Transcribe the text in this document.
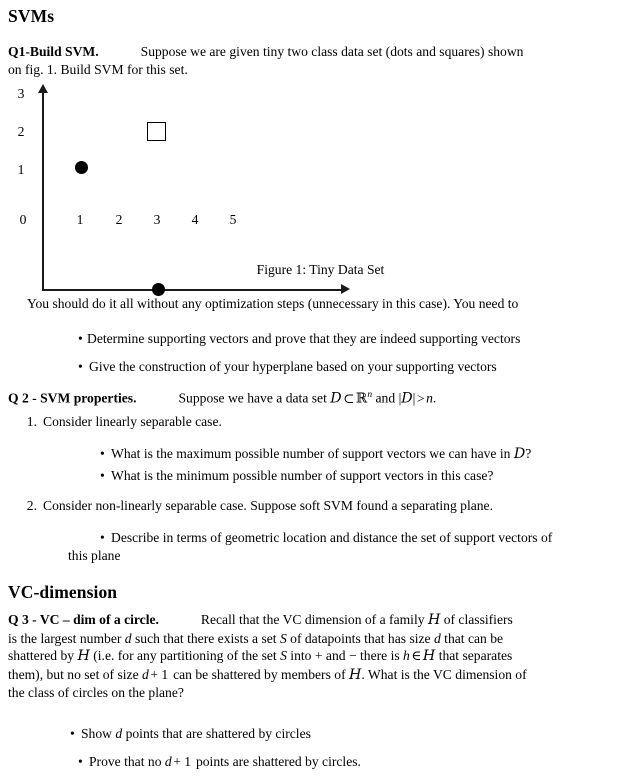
SVMs
Q1-Build SVM.	Suppose we are given tiny two class data set (dots and squares) shown
on fig. 1. Build SVM for this set.
3
2
1
0	1	2	3	4	5
Figure 1: Tiny Data Set
You should do it all without any optimization steps (unnecessary in this case). You need to
• Determine supporting vectors and prove that they are indeed supporting vectors
• Give the construction of your hyperplane based on your supporting vectors
Q 2 - SVM properties.	Suppose we have a data set D ⊂ ℝ$^n$ and |D| > n.
1. Consider linearly separable case.
• What is the maximum possible number of support vectors we can have in D?
• What is the minimum possible number of support vectors in this case?
2. Consider non-linearly separable case. Suppose soft SVM found a separating plane.
• Describe in terms of geometric location and distance the set of support vectors of
this plane
VC-dimension
Q 3 - VC – dim of a circle.	Recall that the VC dimension of a family H of classifiers
is the largest number d such that there exists a set S of datapoints that has size d that can be
shattered by H (i.e. for any partitioning of the set S into + and − there is h ∈ H that separates
them), but no set of size d + 1 can be shattered by members of H. What is the VC dimension of
the class of circles on the plane?
• Show d points that are shattered by circles
• Prove that no d + 1 points are shattered by circles.
